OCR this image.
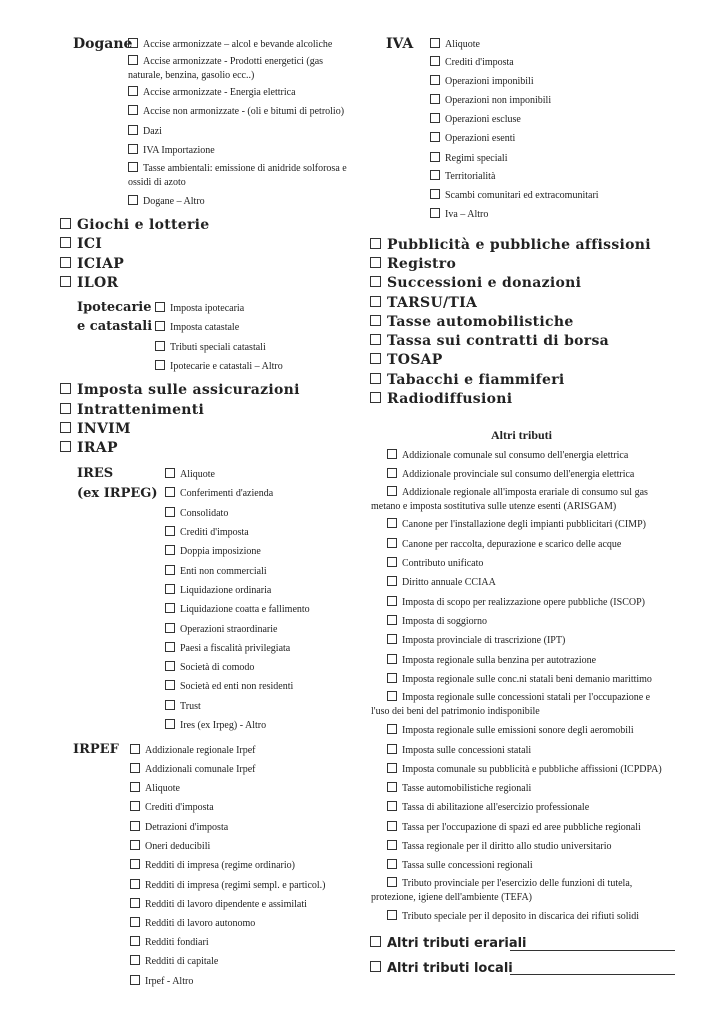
Dogane	Accise armonizzate – alcol e bevande alcoliche
Accise armonizzate - Prodotti energetici (gas naturale, benzina, gasolio ecc..)
Accise armonizzate - Energia elettrica
Accise non armonizzate - (oli e bitumi di petrolio)
Dazi
IVA Importazione
Tasse ambientali: emissione di anidride solforosa e ossidi di azoto
Dogane – Altro
IVA	Aliquote
Crediti d'imposta
Operazioni imponibili
Operazioni non imponibili
Operazioni escluse
Operazioni esenti
Regimi speciali
Territorialità
Scambi comunitari ed extracomunitari
Iva – Altro
Giochi e lotterie
ICI
ICIAP
ILOR
Ipotecarie
e catastali
Imposta ipotecaria
Imposta catastale
Tributi speciali catastali
Ipotecarie e catastali – Altro
Imposta sulle assicurazioni
Intrattenimenti
INVIM
IRAP
Pubblicità e pubbliche affissioni
Registro
Successioni e donazioni
TARSU/TIA
Tasse automobilistiche
Tassa sui contratti di borsa
TOSAP
Tabacchi e fiammiferi
Radiodiffusioni
IRES
(ex IRPEG)
Aliquote
Conferimenti d'azienda
Consolidato
Crediti d'imposta
Doppia imposizione
Enti non commerciali
Liquidazione ordinaria
Liquidazione coatta e fallimento
Operazioni straordinarie
Paesi a fiscalità privilegiata
Società di comodo
Società ed enti non residenti
Trust
Ires (ex Irpeg) - Altro
IRPEF	Addizionale regionale Irpef
Addizionali comunale Irpef
Aliquote
Crediti d'imposta
Detrazioni d'imposta
Oneri deducibili
Redditi di impresa (regime ordinario)
Redditi di impresa (regimi sempl. e particol.)
Redditi di lavoro dipendente e assimilati
Redditi di lavoro autonomo
Redditi fondiari
Redditi di capitale
Irpef - Altro
Altri tributi
Addizionale comunale sul consumo dell'energia elettrica
Addizionale provinciale sul consumo dell'energia elettrica
Addizionale regionale all'imposta erariale di consumo sul gas metano e imposta sostitutiva sulle utenze esenti (ARISGAM)
Canone per l'installazione degli impianti pubblicitari (CIMP)
Canone per raccolta, depurazione e scarico delle acque
Contributo unificato
Diritto annuale CCIAA
Imposta di scopo per realizzazione opere pubbliche (ISCOP)
Imposta di soggiorno
Imposta provinciale di trascrizione (IPT)
Imposta regionale sulla benzina per autotrazione
Imposta regionale sulle conc.ni statali beni demanio marittimo
Imposta regionale sulle concessioni statali per l'occupazione e l'uso dei beni del patrimonio indisponibile
Imposta regionale sulle emissioni sonore degli aeromobili
Imposta sulle concessioni statali
Imposta comunale su pubblicità e pubbliche affissioni (ICPDPA)
Tasse automobilistiche regionali
Tassa di abilitazione all'esercizio professionale
Tassa per l'occupazione di spazi ed aree pubbliche regionali
Tassa regionale per il diritto allo studio universitario
Tassa sulle concessioni regionali
Tributo provinciale per l'esercizio delle funzioni di tutela, protezione, igiene dell'ambiente (TEFA)
Tributo speciale per il deposito in discarica dei rifiuti solidi
Altri tributi erariali
Altri tributi locali
